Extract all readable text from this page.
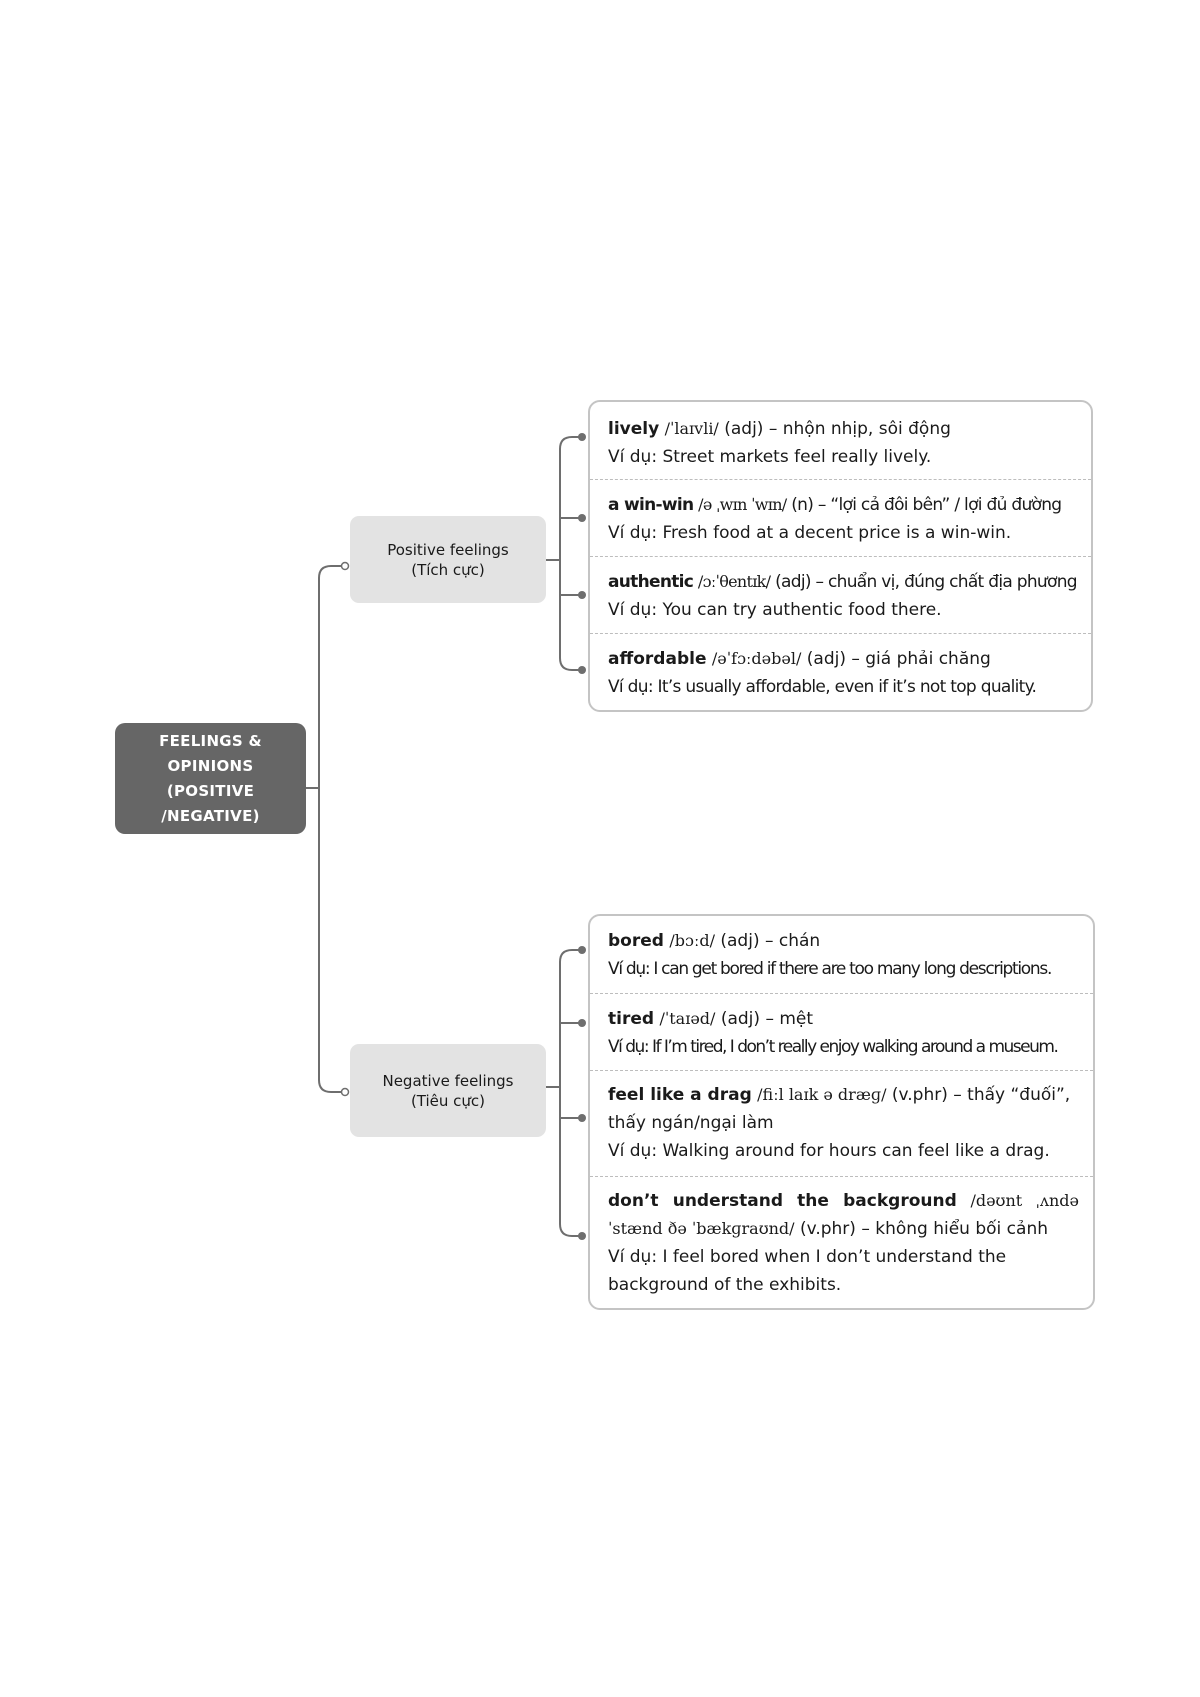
FEELINGS & OPINIONS
(POSITIVE /NEGATIVE)
Positive feelings
(Tích cực)
Negative feelings
(Tiêu cực)
lively /ˈlaɪvli/ (adj) – nhộn nhịp, sôi động
Ví dụ: Street markets feel really lively.
a win-win /ə ˌwɪn ˈwɪn/ (n) – “lợi cả đôi bên” / lợi đủ đường
Ví dụ: Fresh food at a decent price is a win-win.
authentic /ɔːˈθentɪk/ (adj) – chuẩn vị, đúng chất địa phương
Ví dụ: You can try authentic food there.
affordable /əˈfɔːdəbəl/ (adj) – giá phải chăng
Ví dụ: It’s usually affordable, even if it’s not top quality.
bored /bɔːd/ (adj) – chán
Ví dụ: I can get bored if there are too many long descriptions.
tired /ˈtaɪəd/ (adj) – mệt
Ví dụ: If I’m tired, I don’t really enjoy walking around a museum.
feel like a drag /fiːl laɪk ə dræɡ/ (v.phr) – thấy “đuối”, thấy ngán/ngại làm
Ví dụ: Walking around for hours can feel like a drag.
don’t understand the background /dəʊnt ˌʌndəˈstænd ðə ˈbækɡraʊnd/ (v.phr) – không hiểu bối cảnh
Ví dụ: I feel bored when I don’t understand the background of the exhibits.
